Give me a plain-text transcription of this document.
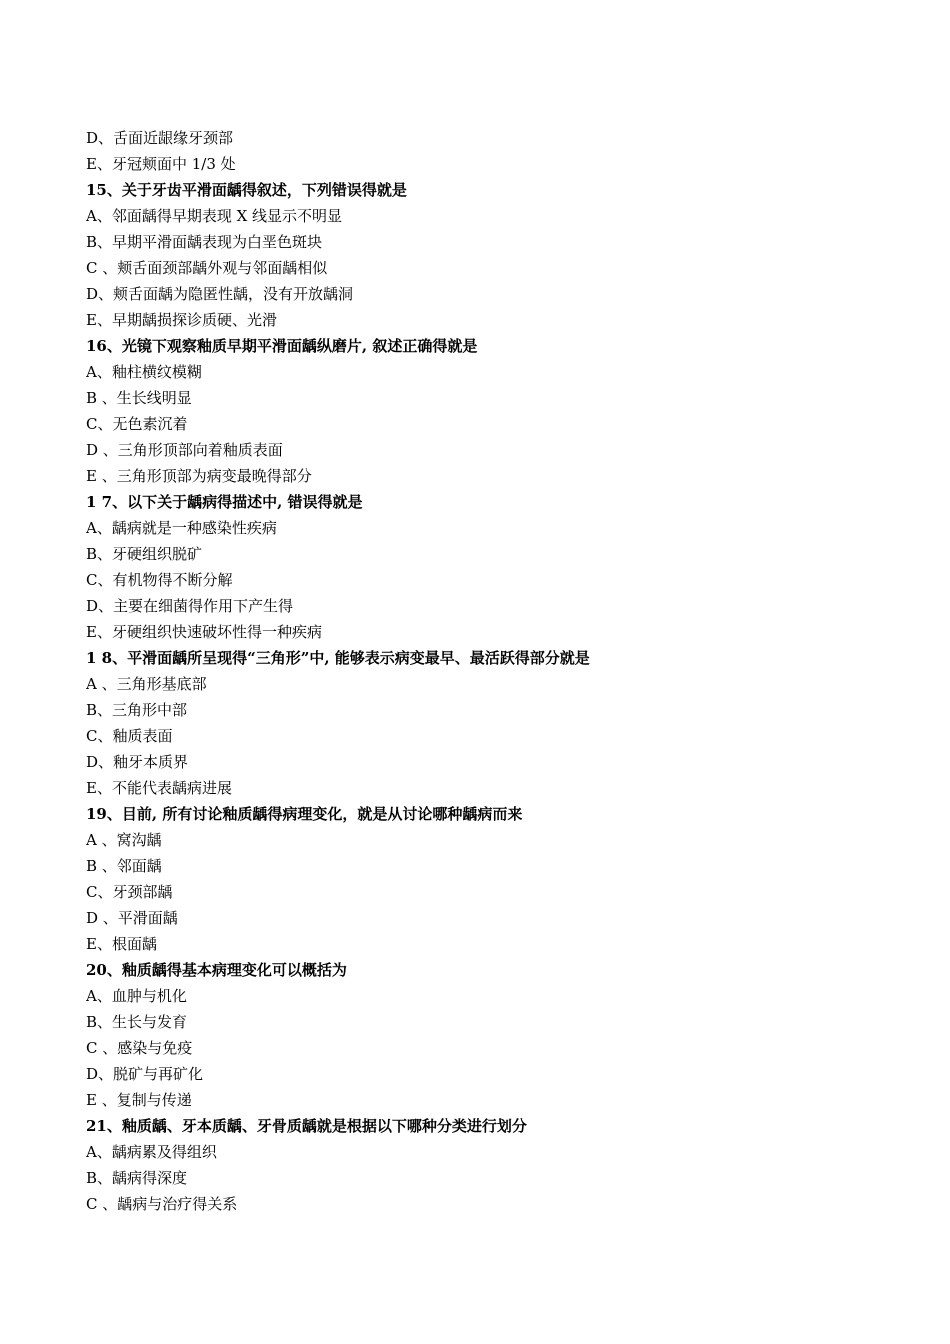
D、舌面近龈缘牙颈部
E、牙冠颊面中 1/3 处
15、关于牙齿平滑面龋得叙述，下列错误得就是
A、邻面龋得早期表现 X 线显示不明显
B、早期平滑面龋表现为白垩色斑块
C 、颊舌面颈部龋外观与邻面龋相似
D、颊舌面龋为隐匿性龋，没有开放龋洞
E、早期龋损探诊质硬、光滑
16、光镜下观察釉质早期平滑面龋纵磨片, 叙述正确得就是
A、釉柱横纹模糊
B 、生长线明显
C、无色素沉着
D 、三角形顶部向着釉质表面
E 、三角形顶部为病变最晚得部分
1 7、以下关于龋病得描述中, 错误得就是
A、龋病就是一种感染性疾病
B、牙硬组织脱矿
C、有机物得不断分解
D、主要在细菌得作用下产生得
E、牙硬组织快速破坏性得一种疾病
1 8、平滑面龋所呈现得“三角形”中, 能够表示病变最早、最活跃得部分就是
A 、三角形基底部
B、三角形中部
C、釉质表面
D、釉牙本质界
E、不能代表龋病进展
19、目前, 所有讨论釉质龋得病理变化，就是从讨论哪种龋病而来
A 、窝沟龋
B 、邻面龋
C、牙颈部龋
D 、平滑面龋
E、根面龋
20、釉质龋得基本病理变化可以概括为
A、血肿与机化
B、生长与发育
C 、感染与免疫
D、脱矿与再矿化
E 、复制与传递
21、釉质龋、牙本质龋、牙骨质龋就是根据以下哪种分类进行划分
A、龋病累及得组织
B、龋病得深度
C 、龋病与治疗得关系
